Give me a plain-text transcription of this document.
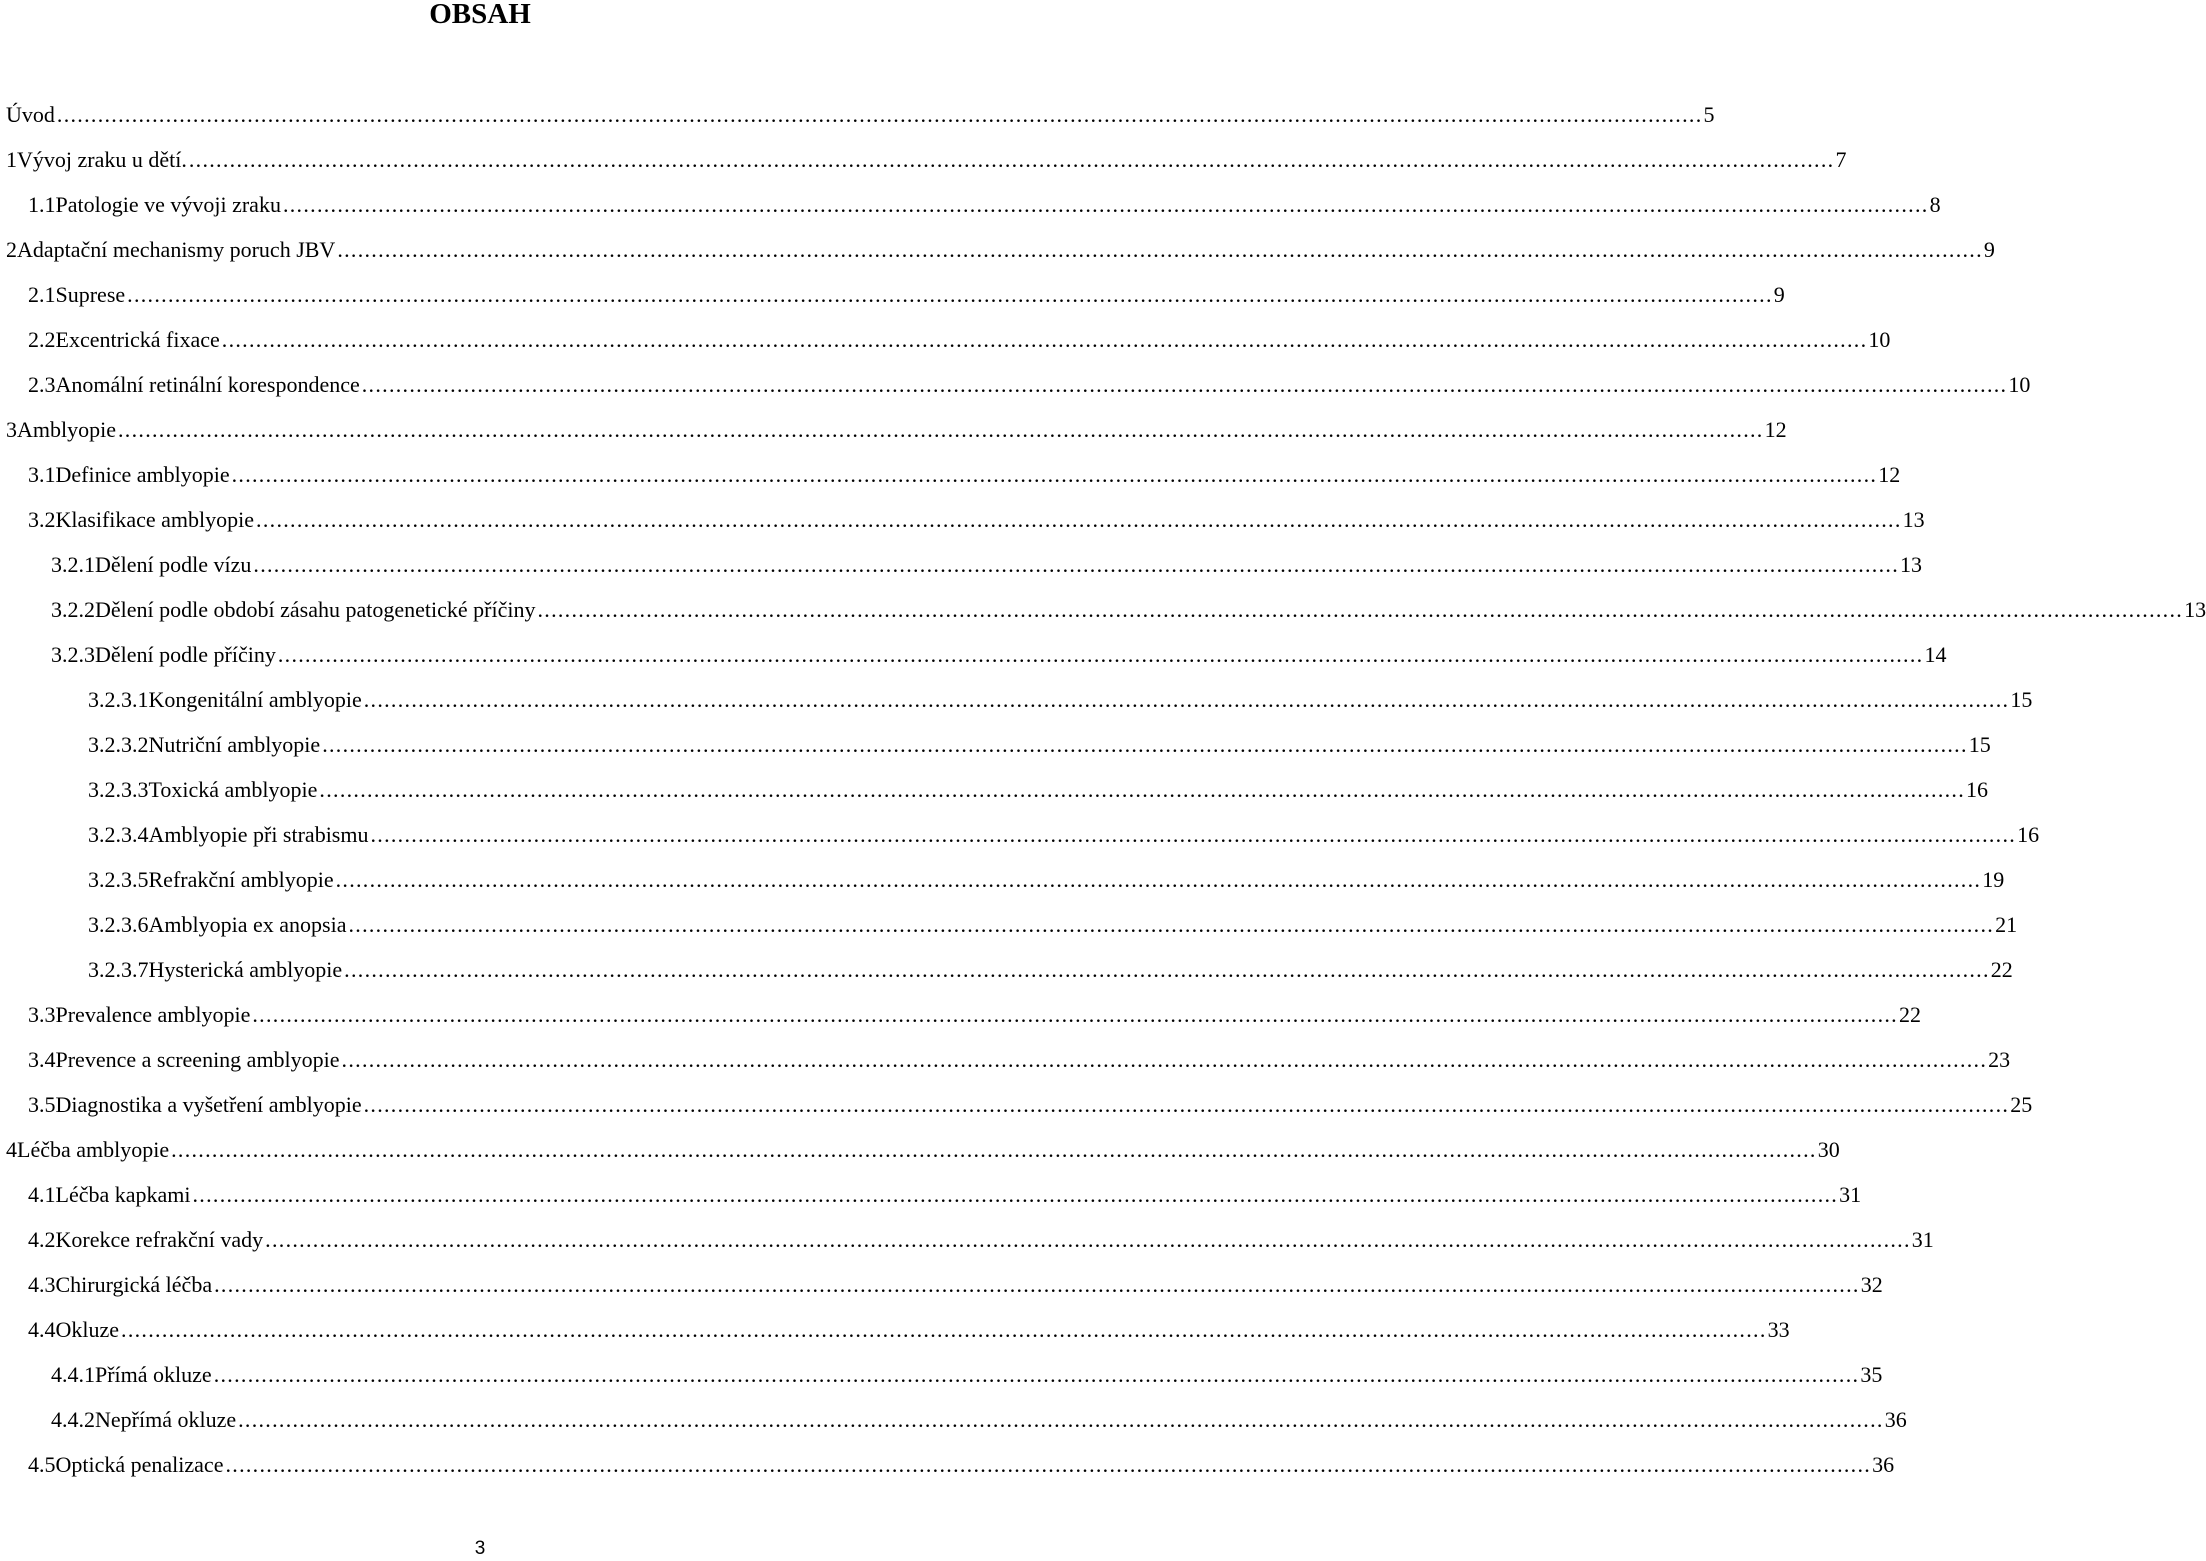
OBSAH
Úvod .................................................................................................................................................................................................................................................. 5
1 Vývoj zraku u dětí. .................................................................................................................................................................................................................................................. 7
1.1 Patologie ve vývoji zraku .................................................................................................................................................................................................................................................. 8
2 Adaptační mechanismy poruch JBV .................................................................................................................................................................................................................................................. 9
2.1 Suprese .................................................................................................................................................................................................................................................. 9
2.2 Excentrická fixace .................................................................................................................................................................................................................................................. 10
2.3 Anomální retinální korespondence .................................................................................................................................................................................................................................................. 10
3 Amblyopie .................................................................................................................................................................................................................................................. 12
3.1 Definice amblyopie .................................................................................................................................................................................................................................................. 12
3.2 Klasifikace amblyopie .................................................................................................................................................................................................................................................. 13
3.2.1 Dělení podle vízu .................................................................................................................................................................................................................................................. 13
3.2.2 Dělení podle období zásahu patogenetické příčiny .................................................................................................................................................................................................................................................. 13
3.2.3 Dělení podle příčiny .................................................................................................................................................................................................................................................. 14
3.2.3.1 Kongenitální amblyopie .................................................................................................................................................................................................................................................. 15
3.2.3.2 Nutriční amblyopie .................................................................................................................................................................................................................................................. 15
3.2.3.3 Toxická amblyopie .................................................................................................................................................................................................................................................. 16
3.2.3.4 Amblyopie při strabismu .................................................................................................................................................................................................................................................. 16
3.2.3.5 Refrakční amblyopie .................................................................................................................................................................................................................................................. 19
3.2.3.6 Amblyopia ex anopsia .................................................................................................................................................................................................................................................. 21
3.2.3.7 Hysterická amblyopie .................................................................................................................................................................................................................................................. 22
3.3 Prevalence amblyopie .................................................................................................................................................................................................................................................. 22
3.4 Prevence a screening amblyopie .................................................................................................................................................................................................................................................. 23
3.5 Diagnostika a vyšetření amblyopie .................................................................................................................................................................................................................................................. 25
4 Léčba amblyopie .................................................................................................................................................................................................................................................. 30
4.1 Léčba kapkami .................................................................................................................................................................................................................................................. 31
4.2 Korekce refrakční vady .................................................................................................................................................................................................................................................. 31
4.3 Chirurgická léčba .................................................................................................................................................................................................................................................. 32
4.4 Okluze .................................................................................................................................................................................................................................................. 33
4.4.1 Přímá okluze .................................................................................................................................................................................................................................................. 35
4.4.2 Nepřímá okluze .................................................................................................................................................................................................................................................. 36
4.5 Optická penalizace .................................................................................................................................................................................................................................................. 36
3
